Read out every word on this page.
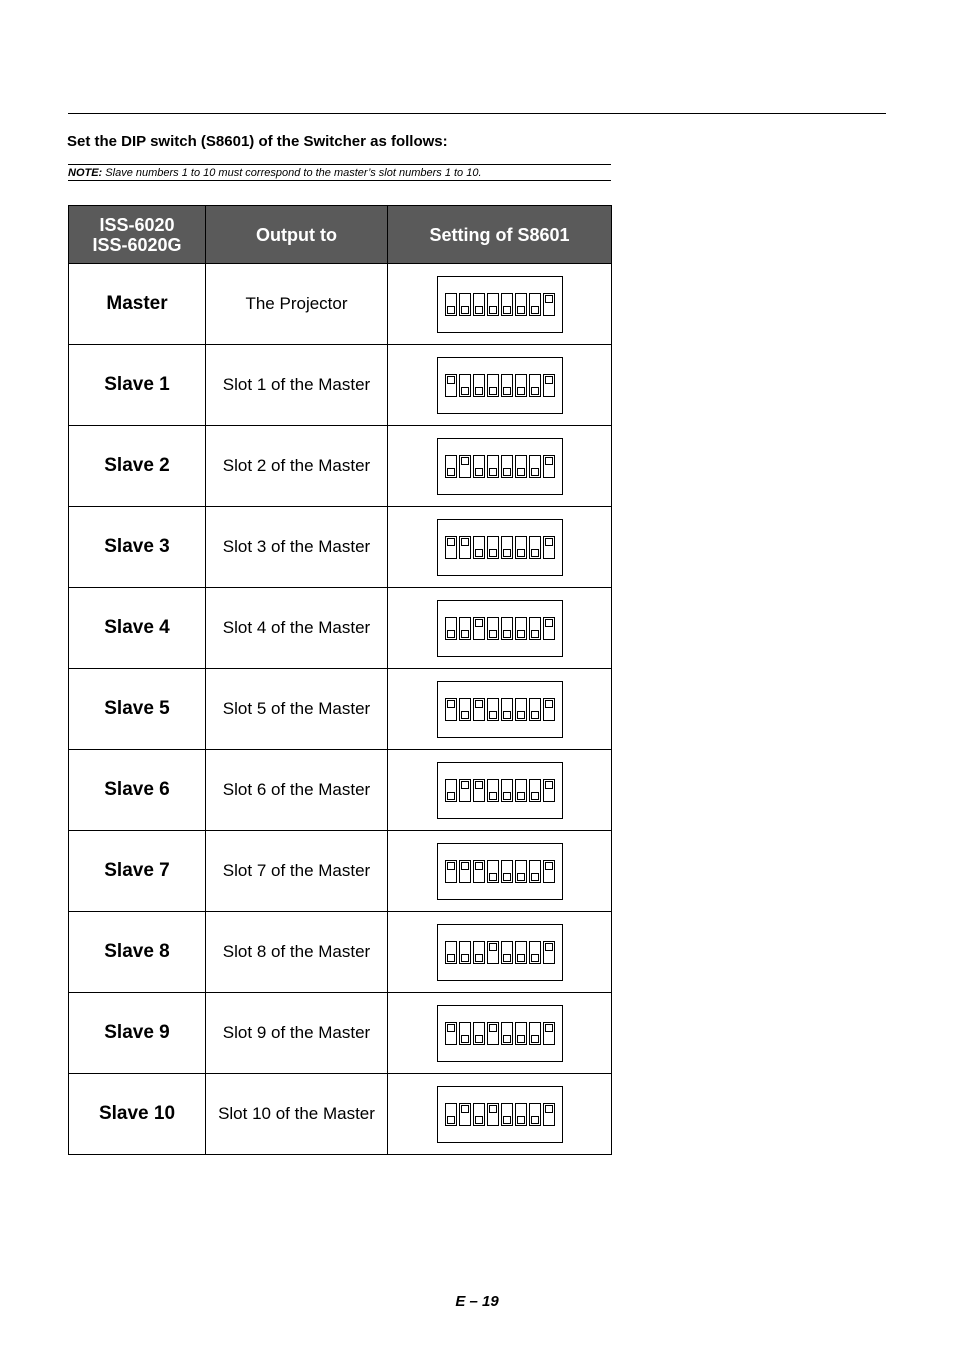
Set the DIP switch (S8601) of the Switcher as follows:
NOTE: Slave numbers 1 to 10 must correspond to the master’s slot numbers 1 to 10.
ISS-6020
ISS-6020G	Output to	Setting of S8601
Master	The Projector	

Slave 1	Slot 1 of the Master	

Slave 2	Slot 2 of the Master	

Slave 3	Slot 3 of the Master	

Slave 4	Slot 4 of the Master	

Slave 5	Slot 5 of the Master	

Slave 6	Slot 6 of the Master	

Slave 7	Slot 7 of the Master	

Slave 8	Slot 8 of the Master	

Slave 9	Slot 9 of the Master	

Slave 10	Slot 10 of the Master	
E – 19
